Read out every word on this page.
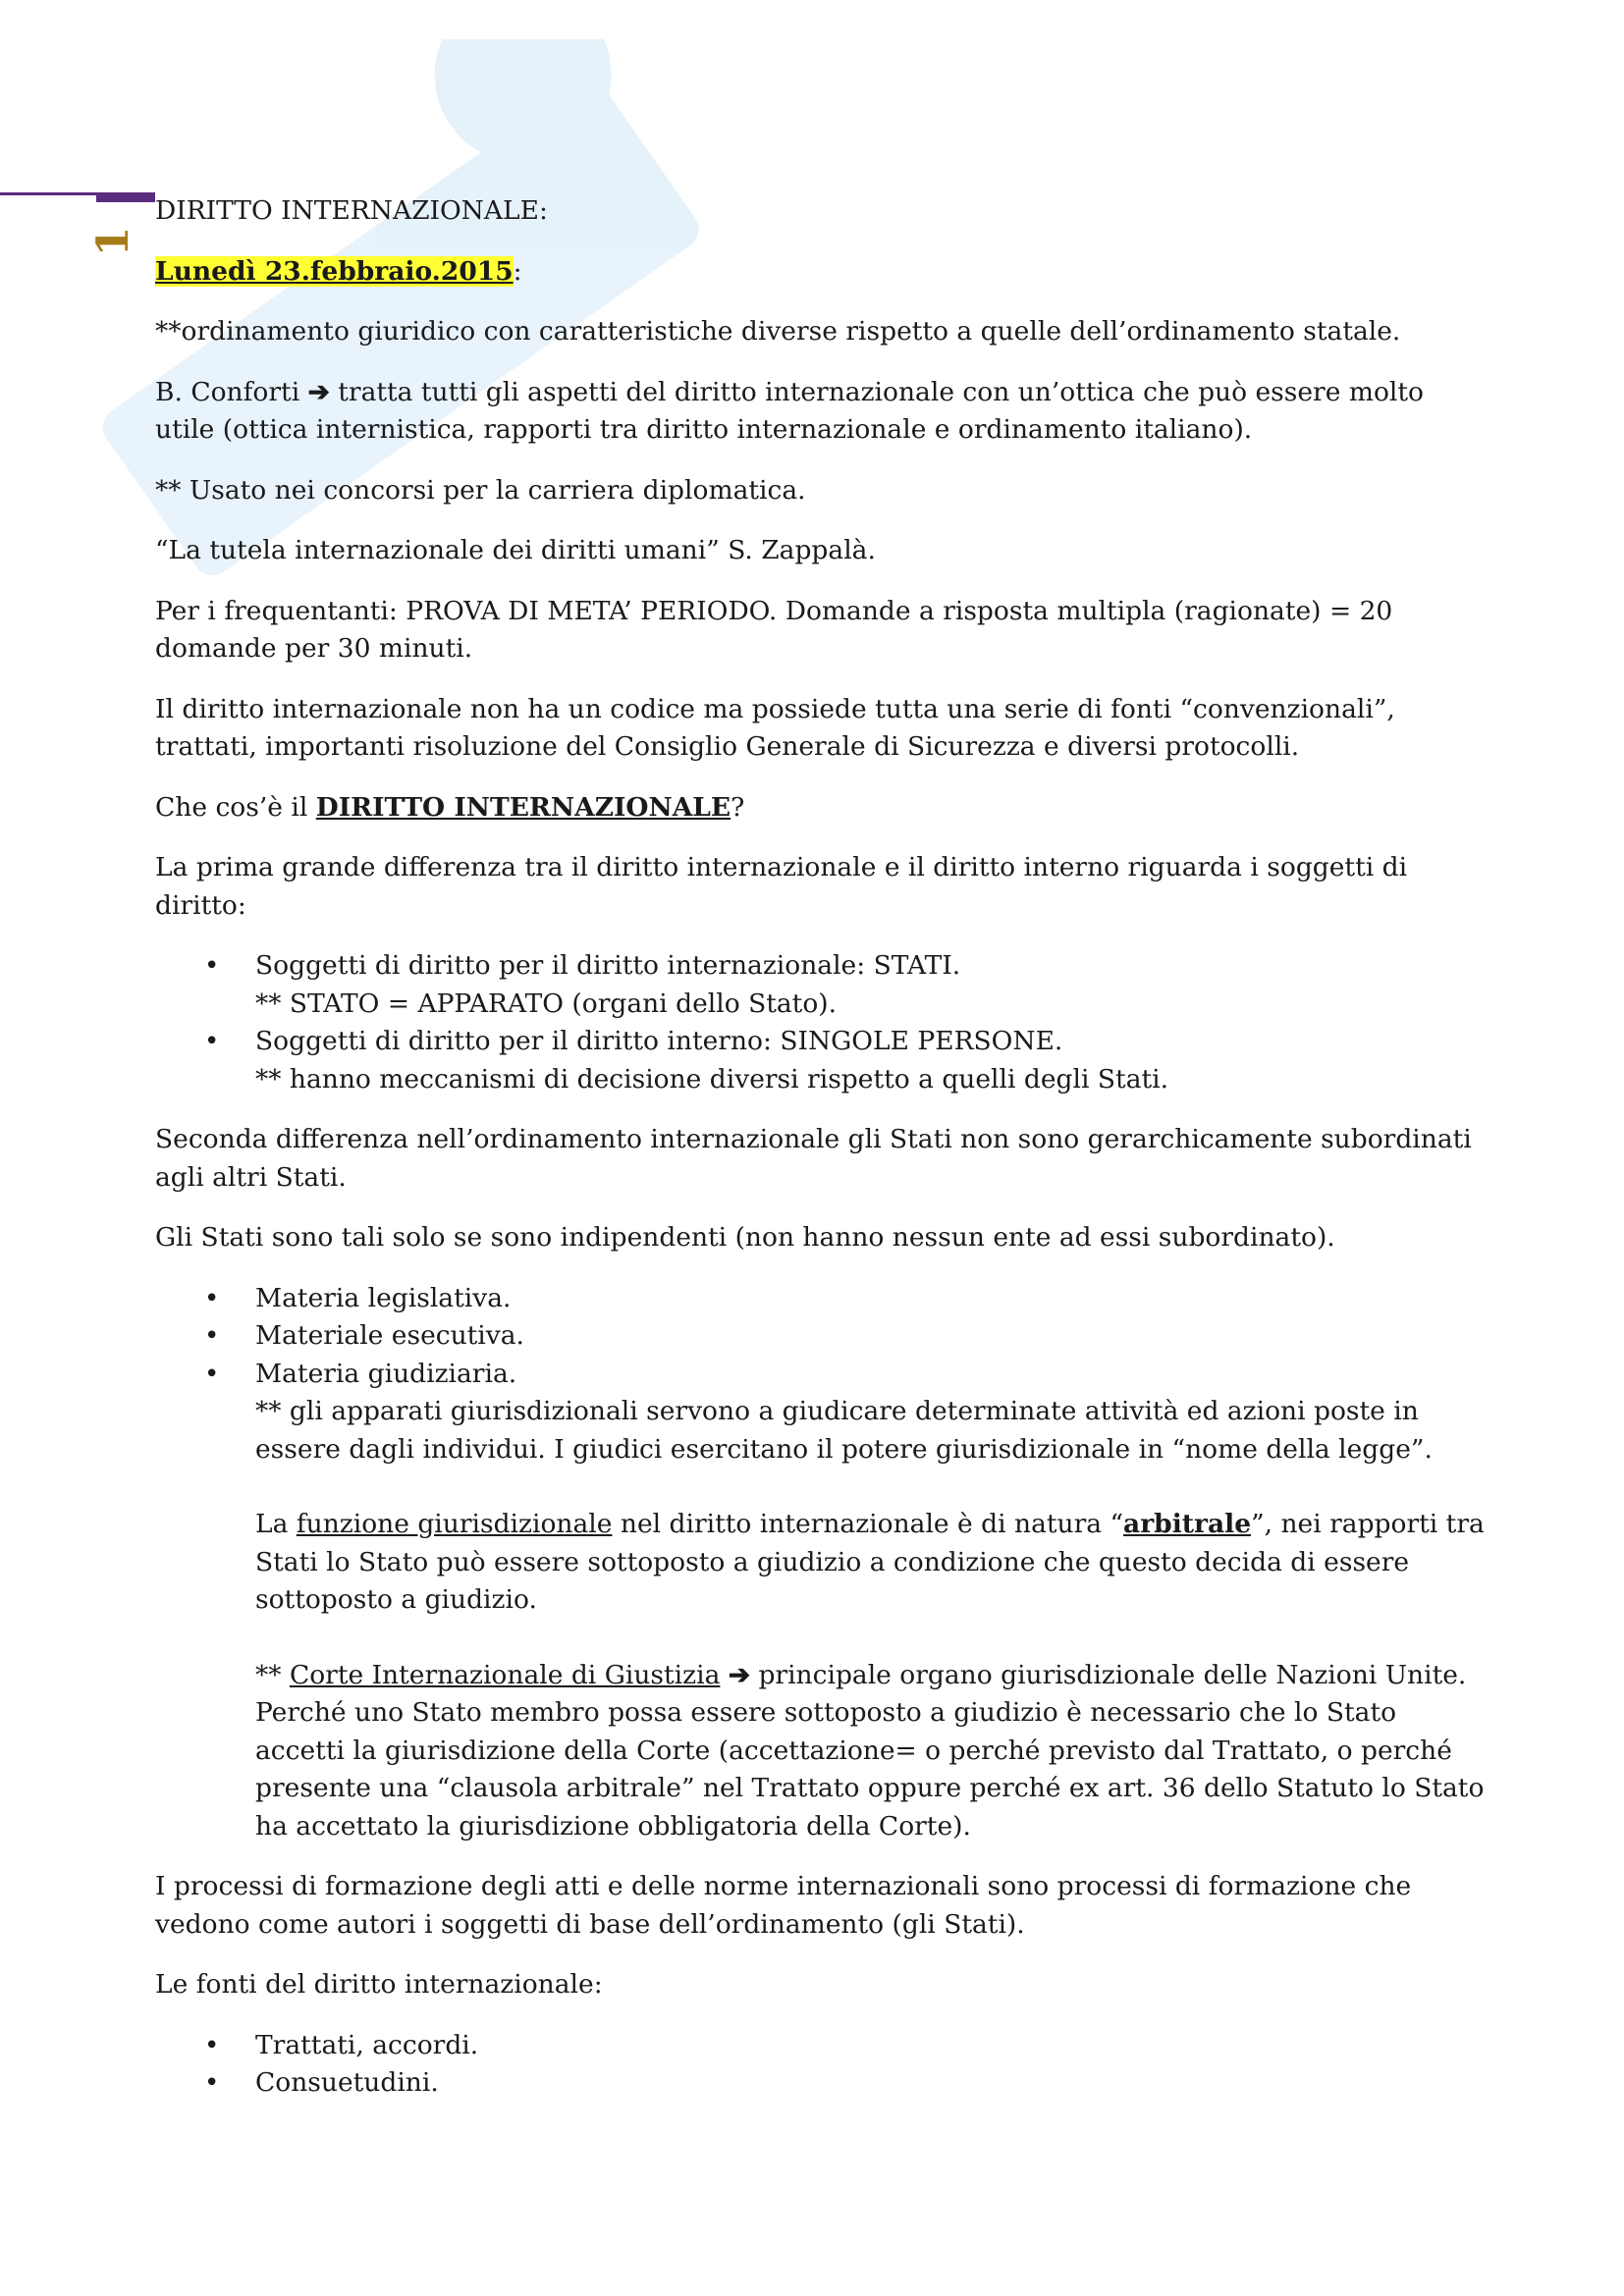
1

DIRITTO INTERNAZIONALE:

Lunedì 23.febbraio.2015:

**ordinamento giuridico con caratteristiche diverse rispetto a quelle dell’ordinamento statale.

B. Conforti ➔ tratta tutti gli aspetti del diritto internazionale con un’ottica che può essere molto utile (ottica internistica, rapporti tra diritto internazionale e ordinamento italiano).

** Usato nei concorsi per la carriera diplomatica.

“La tutela internazionale dei diritti umani” S. Zappalà.

Per i frequentanti: PROVA DI META’ PERIODO. Domande a risposta multipla (ragionate) = 20 domande per 30 minuti.

Il diritto internazionale non ha un codice ma possiede tutta una serie di fonti “convenzionali”, trattati, importanti risoluzione del Consiglio Generale di Sicurezza e diversi protocolli.

Che cos’è il DIRITTO INTERNAZIONALE?

La prima grande differenza tra il diritto internazionale e il diritto interno riguarda i soggetti di diritto:

• Soggetti di diritto per il diritto internazionale: STATI.
** STATO = APPARATO (organi dello Stato).
• Soggetti di diritto per il diritto interno: SINGOLE PERSONE.
** hanno meccanismi di decisione diversi rispetto a quelli degli Stati.

Seconda differenza nell’ordinamento internazionale gli Stati non sono gerarchicamente subordinati agli altri Stati.

Gli Stati sono tali solo se sono indipendenti (non hanno nessun ente ad essi subordinato).

• Materia legislativa.
• Materiale esecutiva.
• Materia giudiziaria.
** gli apparati giurisdizionali servono a giudicare determinate attività ed azioni poste in essere dagli individui. I giudici esercitano il potere giurisdizionale in “nome della legge”.
La funzione giurisdizionale nel diritto internazionale è di natura “arbitrale”, nei rapporti tra Stati lo Stato può essere sottoposto a giudizio a condizione che questo decida di essere sottoposto a giudizio.
** Corte Internazionale di Giustizia ➔ principale organo giurisdizionale delle Nazioni Unite. Perché uno Stato membro possa essere sottoposto a giudizio è necessario che lo Stato accetti la giurisdizione della Corte (accettazione= o perché previsto dal Trattato, o perché presente una “clausola arbitrale” nel Trattato oppure perché ex art. 36 dello Statuto lo Stato ha accettato la giurisdizione obbligatoria della Corte).

I processi di formazione degli atti e delle norme internazionali sono processi di formazione che vedono come autori i soggetti di base dell’ordinamento (gli Stati).

Le fonti del diritto internazionale:

• Trattati, accordi.
• Consuetudini.
